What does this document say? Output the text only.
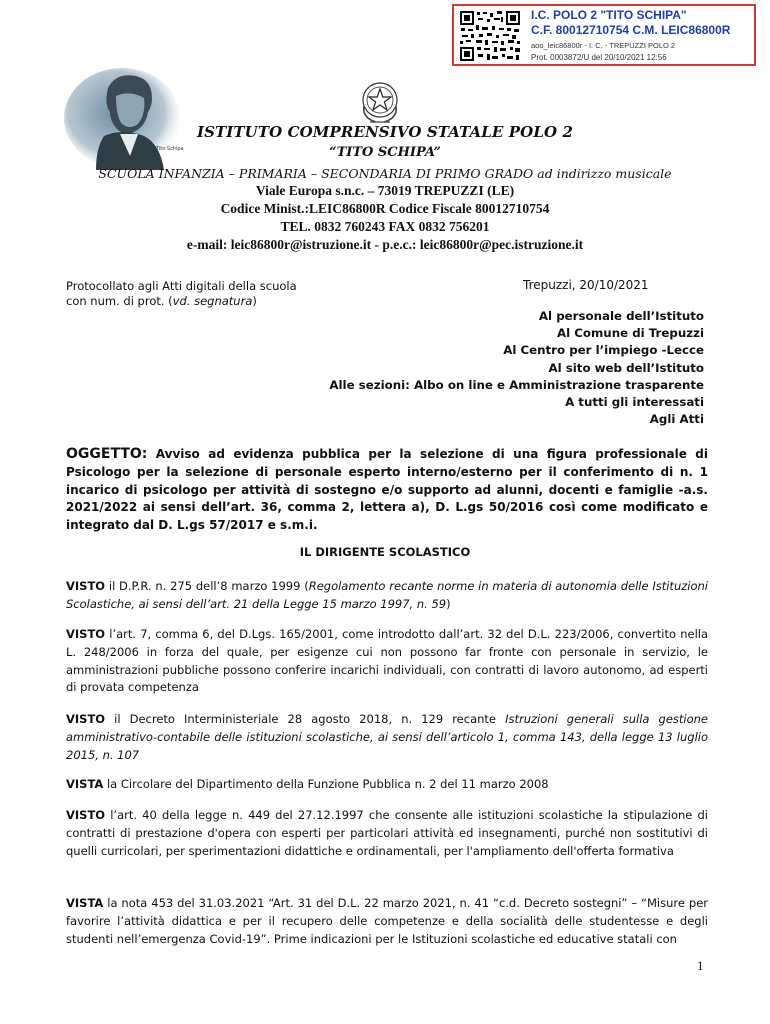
I.C. POLO 2 "TITO SCHIPA"
C.F. 80012710754 C.M. LEIC86800R
aoo_leic86800r - I. C. - TREPUZZI POLO 2
Prot. 0003872/U del 20/10/2021 12:56
Tito Schipa
ISTITUTO COMPRENSIVO STATALE POLO 2
“TITO SCHIPA”
SCUOLA INFANZIA – PRIMARIA – SECONDARIA DI PRIMO GRADO ad indirizzo musicale
Viale Europa s.n.c. – 73019 TREPUZZI (LE)
Codice Minist.:LEIC86800R Codice Fiscale 80012710754
TEL. 0832 760243 FAX 0832 756201
e-mail: leic86800r@istruzione.it - p.e.c.: leic86800r@pec.istruzione.it
Protocollato agli Atti digitali della scuola
con num. di prot. (vd. segnatura)
Trepuzzi, 20/10/2021
Al personale dell’Istituto
Al Comune di Trepuzzi
Al Centro per l’impiego -Lecce
Al sito web dell’Istituto
Alle sezioni: Albo on line e Amministrazione trasparente
A tutti gli interessati
Agli Atti
OGGETTO: Avviso ad evidenza pubblica per la selezione di una figura professionale di Psicologo per la selezione di personale esperto interno/esterno per il conferimento di n. 1 incarico di psicologo per attività di sostegno e/o supporto ad alunni, docenti e famiglie -a.s. 2021/2022 ai sensi dell’art. 36, comma 2, lettera a), D. L.gs 50/2016 così come modificato e integrato dal D. L.gs 57/2017 e s.m.i.
IL DIRIGENTE SCOLASTICO
VISTO il D.P.R. n. 275 dell’8 marzo 1999 (Regolamento recante norme in materia di autonomia delle Istituzioni Scolastiche, ai sensi dell’art. 21 della Legge 15 marzo 1997, n. 59)
VISTO l’art. 7, comma 6, del D.Lgs. 165/2001, come introdotto dall’art. 32 del D.L. 223/2006, convertito nella L. 248/2006 in forza del quale, per esigenze cui non possono far fronte con personale in servizio, le amministrazioni pubbliche possono conferire incarichi individuali, con contratti di lavoro autonomo, ad esperti di provata competenza
VISTO il Decreto Interministeriale 28 agosto 2018, n. 129 recante Istruzioni generali sulla gestione amministrativo-contabile delle istituzioni scolastiche, ai sensi dell’articolo 1, comma 143, della legge 13 luglio 2015, n. 107
VISTA la Circolare del Dipartimento della Funzione Pubblica n. 2 del 11 marzo 2008
VISTO l’art. 40 della legge n. 449 del 27.12.1997 che consente alle istituzioni scolastiche la stipulazione di contratti di prestazione d'opera con esperti per particolari attività ed insegnamenti, purché non sostitutivi di quelli curricolari, per sperimentazioni didattiche e ordinamentali, per l'ampliamento dell'offerta formativa
VISTA la nota 453 del 31.03.2021 “Art. 31 del D.L. 22 marzo 2021, n. 41 “c.d. Decreto sostegni” – “Misure per favorire l’attività didattica e per il recupero delle competenze e della socialità delle studentesse e degli studenti nell’emergenza Covid-19”. Prime indicazioni per le Istituzioni scolastiche ed educative statali con
1
